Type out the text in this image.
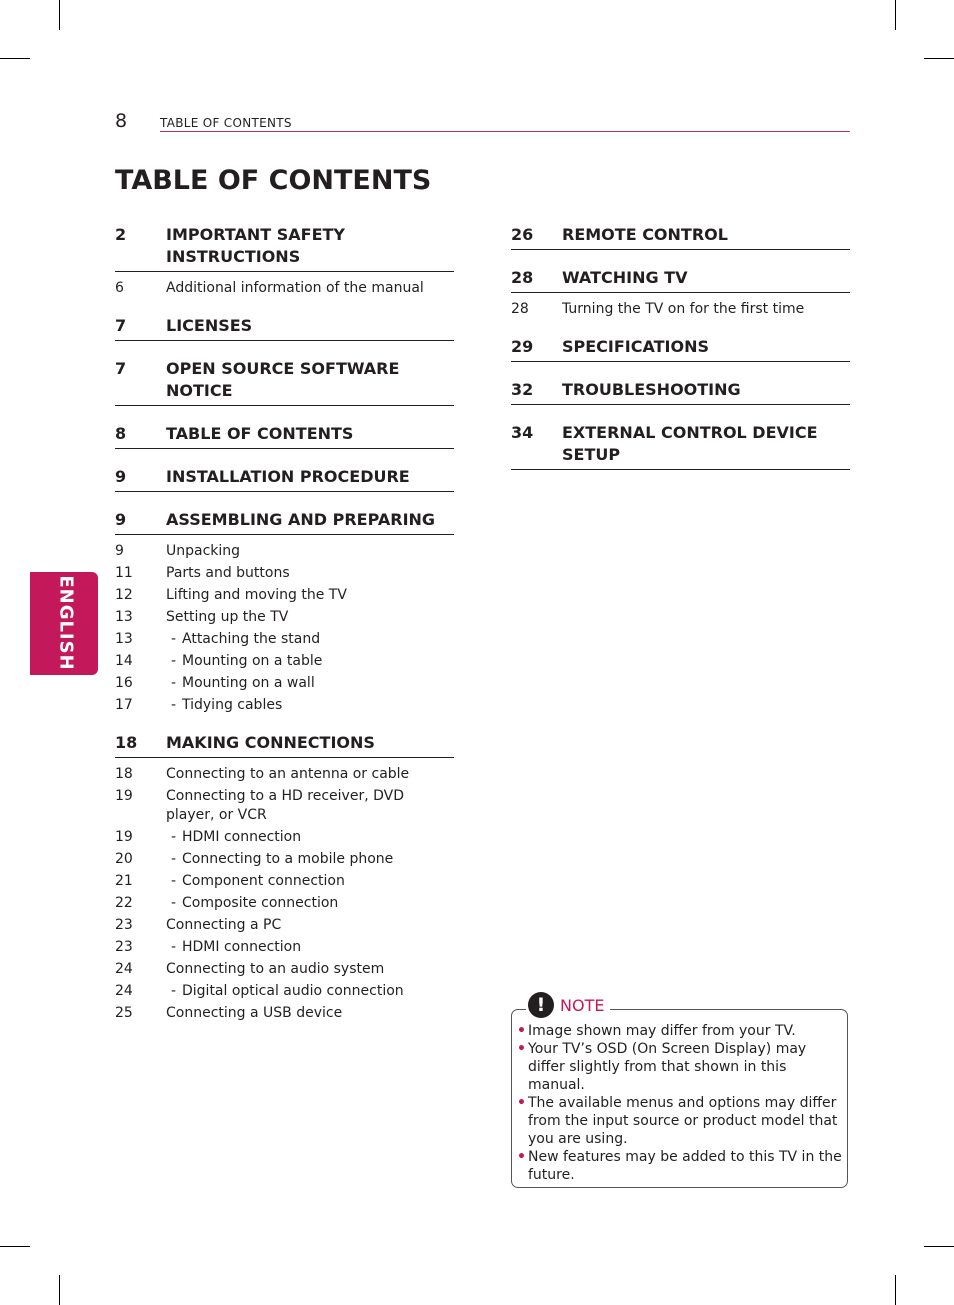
8	TABLE OF CONTENTS
TABLE OF CONTENTS
ENGLISH
2	IMPORTANT SAFETY INSTRUCTIONS
6	Additional information of the manual
7	LICENSES
7	OPEN SOURCE SOFTWARE NOTICE
8	TABLE OF CONTENTS
9	INSTALLATION PROCEDURE
9	ASSEMBLING AND PREPARING
9	Unpacking
11	Parts and buttons
12	Lifting and moving the TV
13	Setting up the TV
13	- Attaching the stand
14	- Mounting on a table
16	- Mounting on a wall
17	- Tidying cables
18	MAKING CONNECTIONS
18	Connecting to an antenna or cable
19	Connecting to a HD receiver, DVD player, or VCR
19	- HDMI connection
20	- Connecting to a mobile phone
21	- Component connection
22	- Composite connection
23	Connecting a PC
23	- HDMI connection
24	Connecting to an audio system
24	- Digital optical audio connection
25	Connecting a USB device
26	REMOTE CONTROL
28	WATCHING TV
28	Turning the TV on for the first time
29	SPECIFICATIONS
32	TROUBLESHOOTING
34	EXTERNAL CONTROL DEVICE SETUP
! NOTE
• Image shown may differ from your TV.
• Your TV’s OSD (On Screen Display) may differ slightly from that shown in this manual.
• The available menus and options may differ from the input source or product model that you are using.
• New features may be added to this TV in the future.
